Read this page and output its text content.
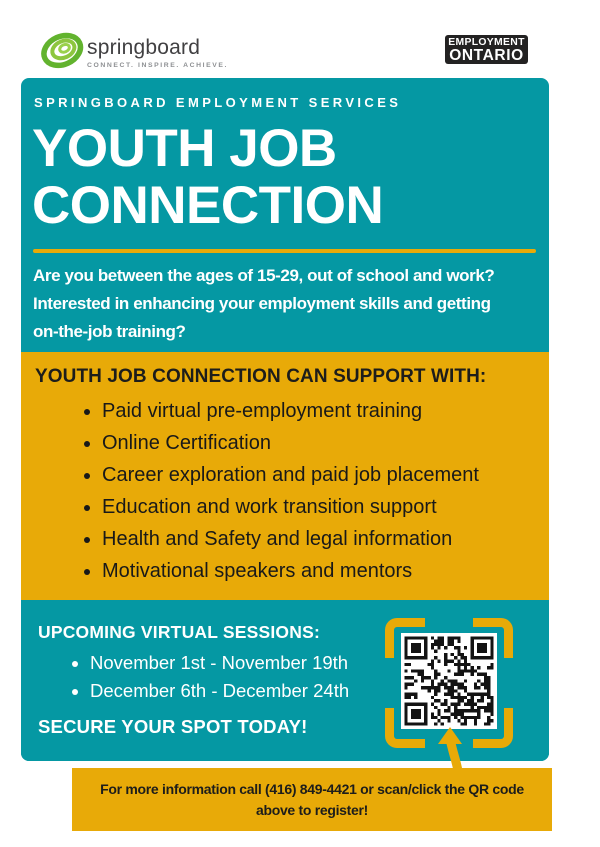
springboard
CONNECT. INSPIRE. ACHIEVE.
EMPLOYMENT
ONTARIO
SPRINGBOARD EMPLOYMENT SERVICES
YOUTH JOB
CONNECTION

Are you between the ages of 15-29, out of school and work?
Interested in enhancing your employment skills and getting
on-the-job training?

YOUTH JOB CONNECTION CAN SUPPORT WITH:
• Paid virtual pre-employment training
• Online Certification
• Career exploration and paid job placement
• Education and work transition support
• Health and Safety and legal information
• Motivational speakers and mentors
UPCOMING VIRTUAL SESSIONS:
• November 1st - November 19th
• December 6th - December 24th
SECURE YOUR SPOT TODAY!
For more information call (416) 849-4421 or scan/click the QR code
above to register!
